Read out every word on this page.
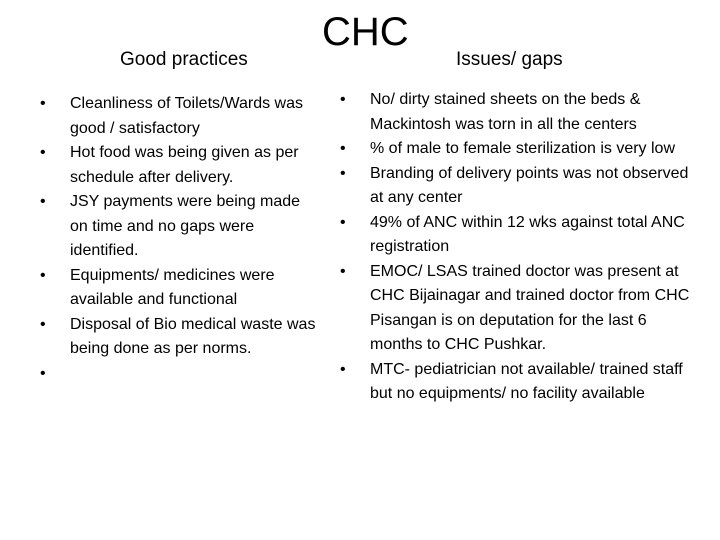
CHC
Good practices	Issues/ gaps
•
Cleanliness of Toilets/Wards was good / satisfactory
•
Hot food was being given as per schedule after delivery.
•
JSY payments were being made on time and no gaps were identified.
•
Equipments/ medicines were available and functional
•
Disposal of Bio medical waste was being done as per norms.
•

•
No/ dirty stained sheets on the beds & Mackintosh was torn in all the centers
•
% of male to female sterilization is very low
•
Branding of delivery points was not observed at any center
•
49% of ANC within 12 wks against total ANC registration
•
EMOC/ LSAS trained doctor was present at CHC Bijainagar and trained doctor from CHC Pisangan is on deputation for the last 6 months to CHC Pushkar.
•
MTC- pediatrician not available/ trained staff but no equipments/ no facility available
